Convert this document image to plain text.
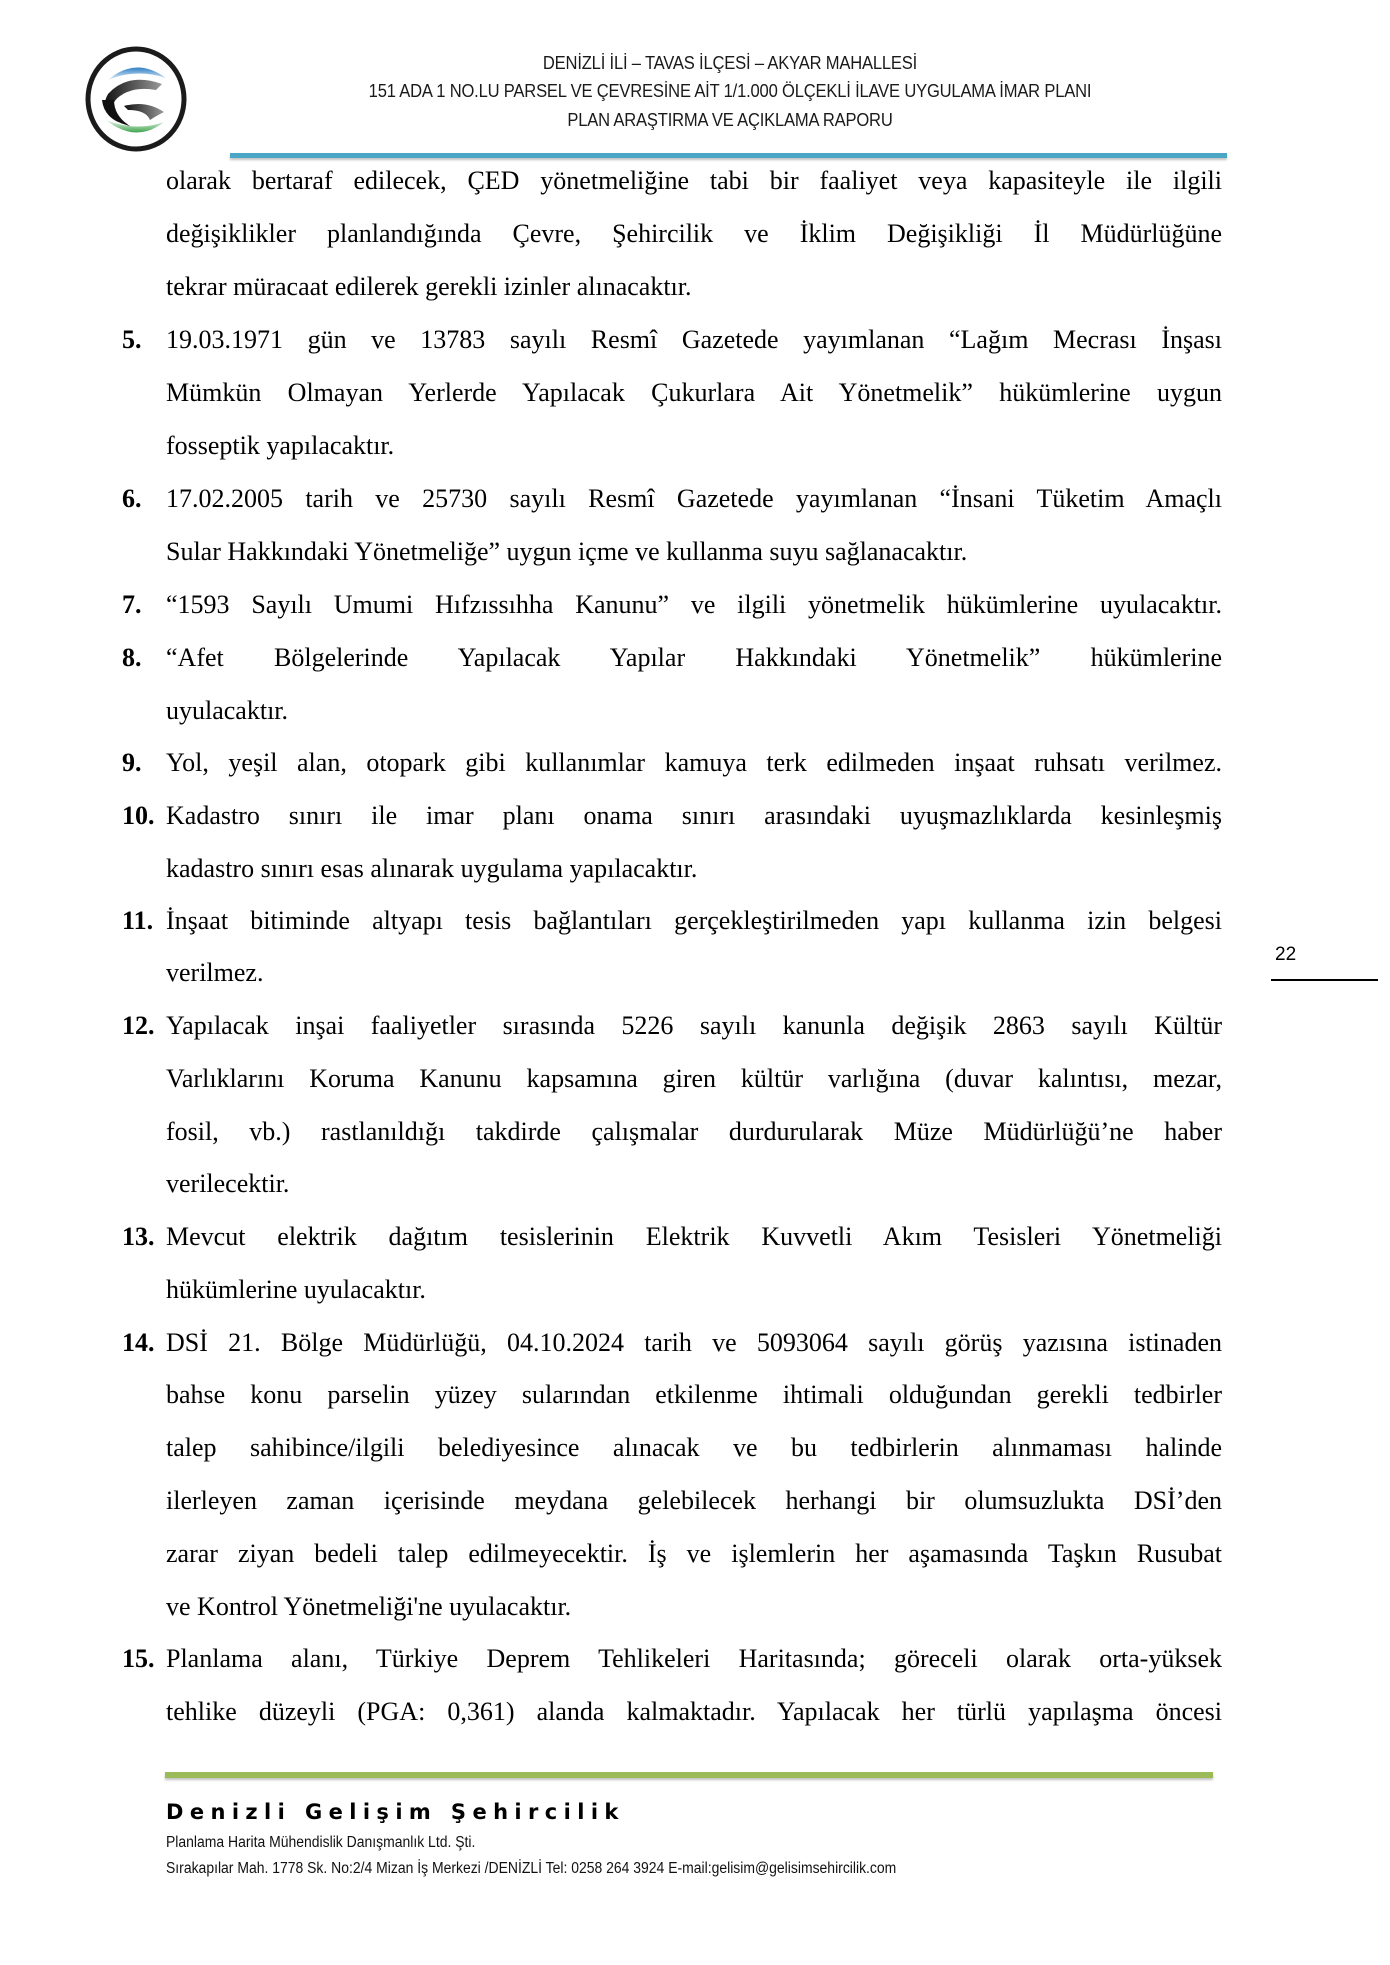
DENİZLİ İLİ – TAVAS İLÇESİ – AKYAR MAHALLESİ
151 ADA 1 NO.LU PARSEL VE ÇEVRESİNE AİT 1/1.000 ÖLÇEKLİ İLAVE UYGULAMA İMAR PLANI
PLAN ARAŞTIRMA VE AÇIKLAMA RAPORU
22
olarak bertaraf edilecek, ÇED yönetmeliğine tabi bir faaliyet veya kapasiteyle ile ilgili
değişiklikler planlandığında Çevre, Şehircilik ve İklim Değişikliği İl Müdürlüğüne
tekrar müracaat edilerek gerekli izinler alınacaktır.
5. 19.03.1971 gün ve 13783 sayılı Resmî Gazetede yayımlanan “Lağım Mecrası İnşası
Mümkün Olmayan Yerlerde Yapılacak Çukurlara Ait Yönetmelik” hükümlerine uygun
fosseptik yapılacaktır.
6. 17.02.2005 tarih ve 25730 sayılı Resmî Gazetede yayımlanan “İnsani Tüketim Amaçlı
Sular Hakkındaki Yönetmeliğe” uygun içme ve kullanma suyu sağlanacaktır.
7. “1593 Sayılı Umumi Hıfzıssıhha Kanunu” ve ilgili yönetmelik hükümlerine uyulacaktır.
8. “Afet Bölgelerinde Yapılacak Yapılar Hakkındaki Yönetmelik” hükümlerine
uyulacaktır.
9. Yol, yeşil alan, otopark gibi kullanımlar kamuya terk edilmeden inşaat ruhsatı verilmez.
10. Kadastro sınırı ile imar planı onama sınırı arasındaki uyuşmazlıklarda kesinleşmiş
kadastro sınırı esas alınarak uygulama yapılacaktır.
11. İnşaat bitiminde altyapı tesis bağlantıları gerçekleştirilmeden yapı kullanma izin belgesi
verilmez.
12. Yapılacak inşai faaliyetler sırasında 5226 sayılı kanunla değişik 2863 sayılı Kültür
Varlıklarını Koruma Kanunu kapsamına giren kültür varlığına (duvar kalıntısı, mezar,
fosil, vb.) rastlanıldığı takdirde çalışmalar durdurularak Müze Müdürlüğü’ne haber
verilecektir.
13. Mevcut elektrik dağıtım tesislerinin Elektrik Kuvvetli Akım Tesisleri Yönetmeliği
hükümlerine uyulacaktır.
14. DSİ 21. Bölge Müdürlüğü, 04.10.2024 tarih ve 5093064 sayılı görüş yazısına istinaden
bahse konu parselin yüzey sularından etkilenme ihtimali olduğundan gerekli tedbirler
talep sahibince/ilgili belediyesince alınacak ve bu tedbirlerin alınmaması halinde
ilerleyen zaman içerisinde meydana gelebilecek herhangi bir olumsuzlukta DSİ’den
zarar ziyan bedeli talep edilmeyecektir. İş ve işlemlerin her aşamasında Taşkın Rusubat
ve Kontrol Yönetmeliği'ne uyulacaktır.
15. Planlama alanı, Türkiye Deprem Tehlikeleri Haritasında; göreceli olarak orta-yüksek
tehlike düzeyli (PGA: 0,361) alanda kalmaktadır. Yapılacak her türlü yapılaşma öncesi
Denizli Gelişim Şehircilik
Planlama Harita Mühendislik Danışmanlık Ltd. Şti.
Sırakapılar Mah. 1778 Sk. No:2/4 Mizan İş Merkezi /DENİZLİ Tel: 0258 264 3924 E-mail:gelisim@gelisimsehircilik.com
